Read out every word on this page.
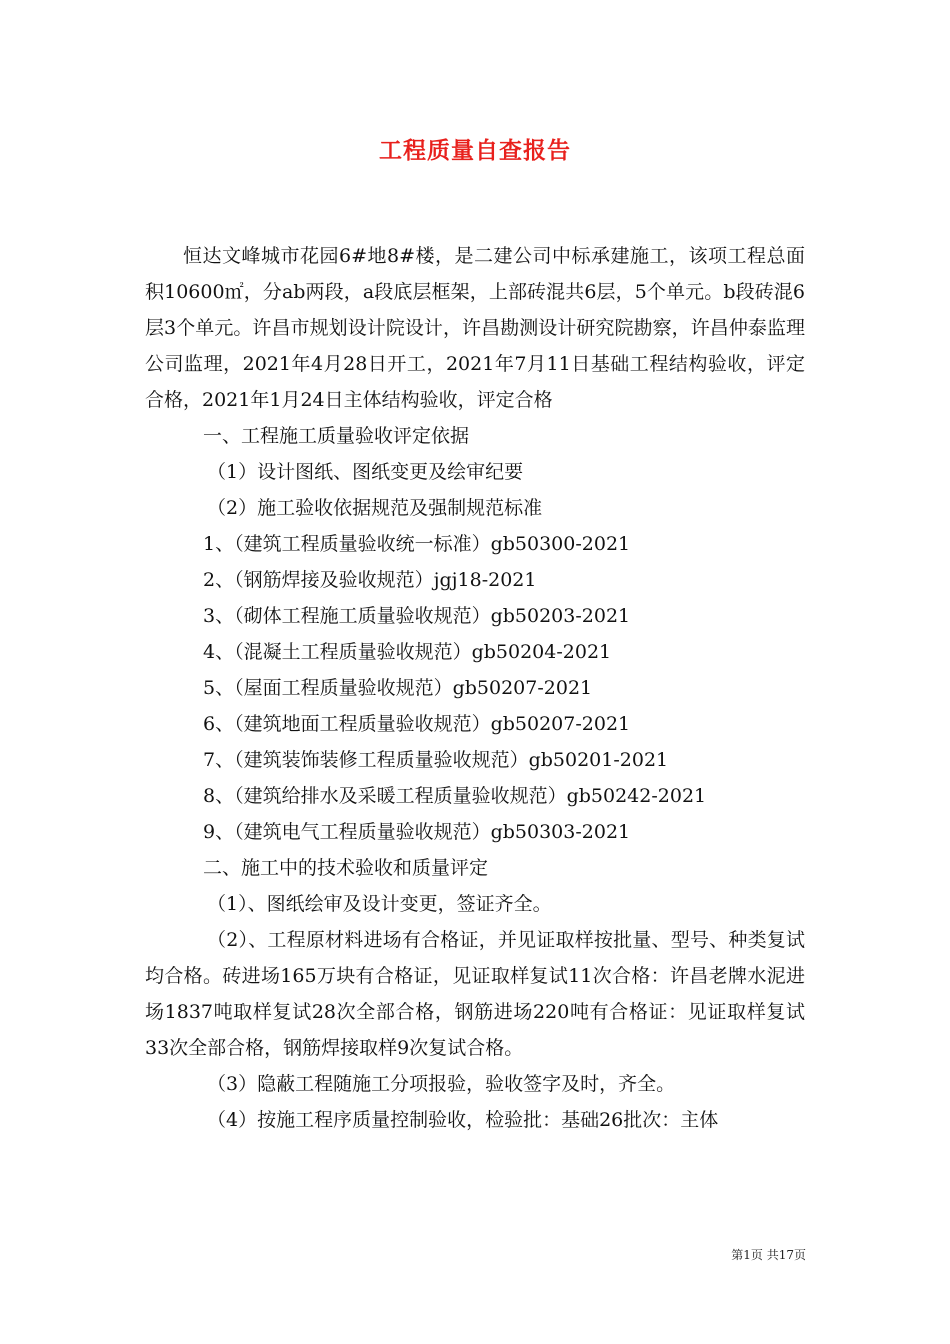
工程质量自查报告

恒达文峰城市花园6#地8#楼，是二建公司中标承建施工，该项工程总面积10600㎡，分ab两段，a段底层框架，上部砖混共6层，5个单元。b段砖混6层3个单元。许昌市规划设计院设计，许昌勘测设计研究院勘察，许昌仲泰监理公司监理，2021年4月28日开工，2021年7月11日基础工程结构验收，评定合格，2021年1月24日主体结构验收，评定合格

一、工程施工质量验收评定依据

（1）设计图纸、图纸变更及绘审纪要

（2）施工验收依据规范及强制规范标准

1、（建筑工程质量验收统一标准）gb50300-2021

2、（钢筋焊接及验收规范）jgj18-2021

3、（砌体工程施工质量验收规范）gb50203-2021

4、（混凝土工程质量验收规范）gb50204-2021

5、（屋面工程质量验收规范）gb50207-2021

6、（建筑地面工程质量验收规范）gb50207-2021

7、（建筑装饰装修工程质量验收规范）gb50201-2021

8、（建筑给排水及采暖工程质量验收规范）gb50242-2021

9、（建筑电气工程质量验收规范）gb50303-2021

二、施工中的技术验收和质量评定

（1）、图纸绘审及设计变更，签证齐全。

（2）、工程原材料进场有合格证，并见证取样按批量、型号、种类复试均合格。砖进场165万块有合格证，见证取样复试11次合格：许昌老牌水泥进场1837吨取样复试28次全部合格，钢筋进场220吨有合格证：见证取样复试33次全部合格，钢筋焊接取样9次复试合格。

（3）隐蔽工程随施工分项报验，验收签字及时，齐全。

（4）按施工程序质量控制验收，检验批：基础26批次：主体

第1页 共17页
